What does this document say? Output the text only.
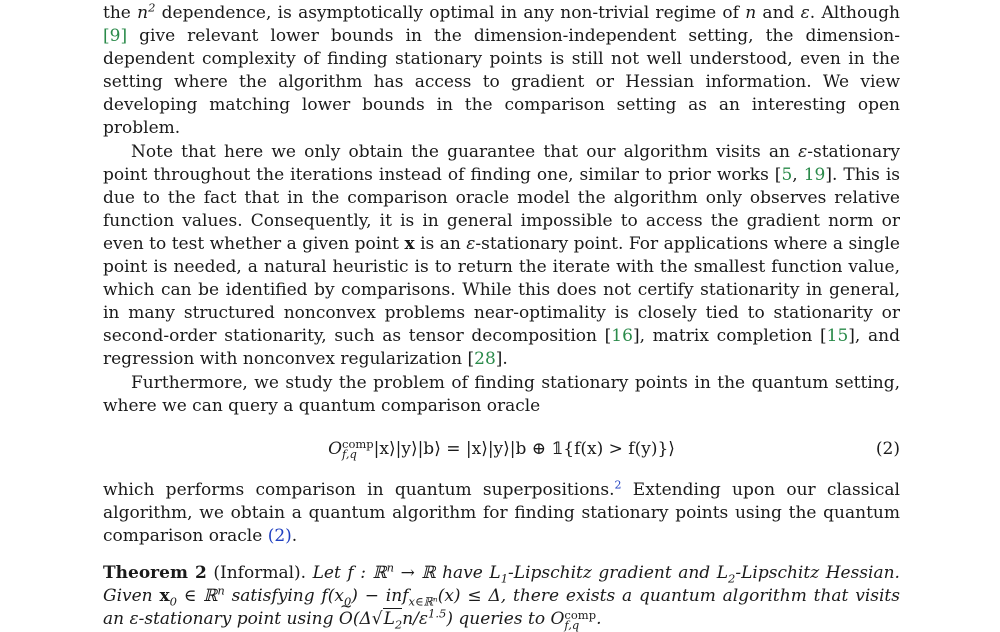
the $n^2$ dependence, is asymptotically optimal in any non-trivial regime of n and ε. Although [9] give relevant lower bounds in the dimension-independent setting, the dimension-dependent complexity of finding stationary points is still not well understood, even in the setting where the algorithm has access to gradient or Hessian information. We view developing matching lower bounds in the comparison setting as an interesting open problem.

Note that here we only obtain the guarantee that our algorithm visits an ε-stationary point throughout the iterations instead of finding one, similar to prior works [5, 19]. This is due to the fact that in the comparison oracle model the algorithm only observes relative function values. Consequently, it is in general impossible to access the gradient norm or even to test whether a given point x is an ε-stationary point. For applications where a single point is needed, a natural heuristic is to return the iterate with the smallest function value, which can be identified by comparisons. While this does not certify stationarity in general, in many structured nonconvex problems near-optimality is closely tied to stationarity or second-order stationarity, such as tensor decomposition [16], matrix completion [15], and regression with nonconvex regularization [28].

Furthermore, we study the problem of finding stationary points in the quantum setting, where we can query a quantum comparison oracle

O comp
f,q |x⟩|y⟩|b⟩ = |x⟩|y⟩|b ⊕ 𝟙{f(x) > f(y)}⟩	(2)

which performs comparison in quantum superpositions.$^2$ Extending upon our classical algorithm, we obtain a quantum algorithm for finding stationary points using the quantum comparison oracle (2).

Theorem 2 (Informal). Let f : ℝ$^n$ → ℝ have $L_1$-Lipschitz gradient and $L_2$-Lipschitz Hessian. Given $x_0$ ∈ ℝ$^n$ satisfying $f(x_0) - inf_{x\in ℝ^n}(x) \le \Delta$, there exists a quantum algorithm that visits an ε-stationary point using ~ $O(\Delta√L_2n/\varepsilon^{1.5})$ queries to O comp
f,q .
